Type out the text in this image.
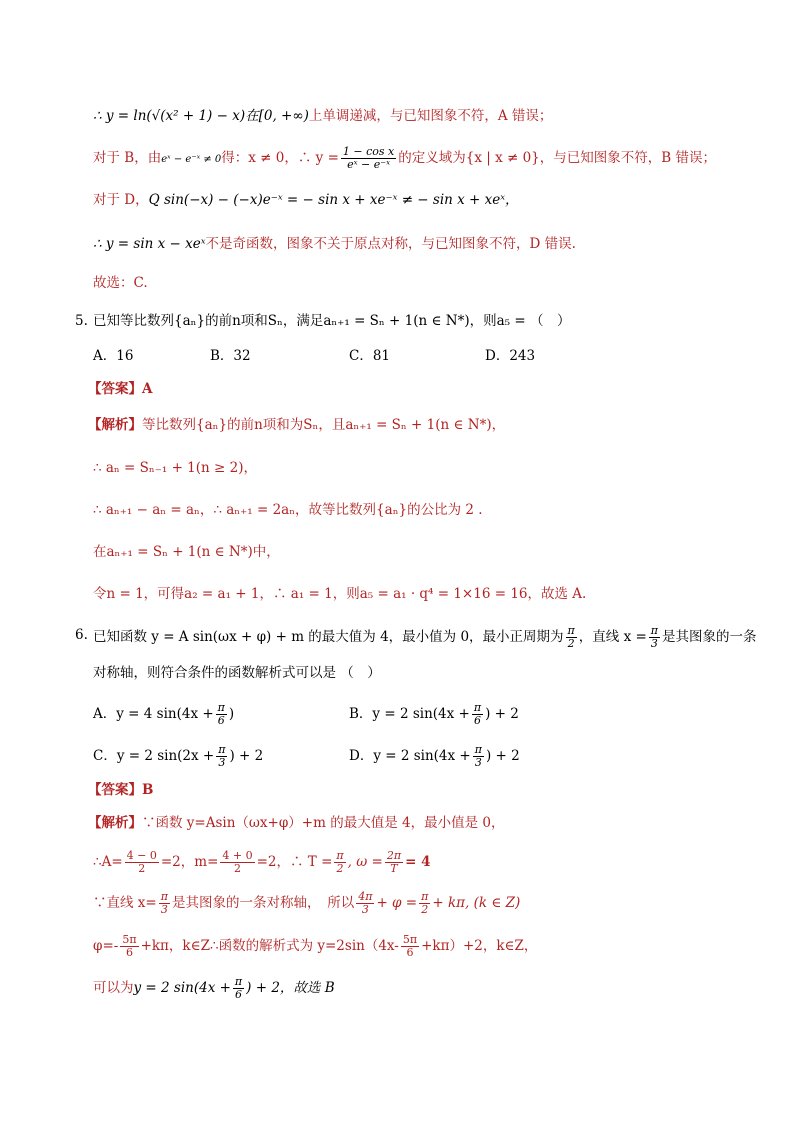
∴ y = ln(√(x² + 1) − x)在[0, +∞)上单调递减，与已知图象不符，A 错误；
对于 B，由eˣ − e⁻ˣ ≠ 0得：x ≠ 0，∴ $y = \frac{\text{1 − cos x}}{\text{eˣ − e⁻ˣ}}$ 的定义域为{x | x ≠ 0}，与已知图象不符，B 错误；
对于 D，Q sin(−x) − (−x)e⁻ˣ = − sin x + xe⁻ˣ ≠ − sin x + xeˣ，
∴ y = sin x − xeˣ不是奇函数，图象不关于原点对称，与已知图象不符，D 错误.
故选：C.
5. 已知等比数列{aₙ}的前n项和Sₙ，满足aₙ₊₁ = Sₙ + 1(n ∈ N*)，则a₅ = （　）
A．16	B．32	C．81	D．243
【答案】A
【解析】等比数列{aₙ}的前n项和为Sₙ，且aₙ₊₁ = Sₙ + 1(n ∈ N*)，
∴ aₙ = Sₙ₋₁ + 1(n ≥ 2)，
∴ aₙ₊₁ − aₙ = aₙ，∴ aₙ₊₁ = 2aₙ，故等比数列{aₙ}的公比为 2 .
在aₙ₊₁ = Sₙ + 1(n ∈ N*)中，
令n = 1，可得a₂ = a₁ + 1，∴ a₁ = 1，则a₅ = a₁ · q⁴ = 1×16 = 16，故选 A.
6. 已知函数 y = A sin(ωx + φ) + m 的最大值为 4，最小值为 0，最小正周期为 $\frac{\pi}{2}$ ，直线 $x = \frac{\pi}{3}$ 是其图象的一条
对称轴，则符合条件的函数解析式可以是 （　）
A．y = 4 $\sin(4x + \frac{\pi}{6}$ )	B．y = 2 $\sin(4x + \frac{\pi}{6}$ ) + 2
C．y = 2 $\sin(2x + \frac{\pi}{3}$ ) + 2	D．y = 2 $\sin(4x + \frac{\pi}{3}$ ) + 2
【答案】B
【解析】∵函数 y=Asin（ωx+φ）+m 的最大值是 4，最小值是 0，
∴A= $\frac{4 - 0}{2} =2$，$m= \frac{4 + 0}{2} =2$，∴ $T = \frac{\pi}{2}$ , $\omega = \frac{2\pi}{T} = 4$
∵直线 $x= \frac{\pi}{3}$ 是其图象的一条对称轴，　所以 $\frac{4\pi}{3} + \varphi = \frac{\pi}{2} + k\pi$, (k ∈ Z)
$\varphi=- \frac{5\pi}{6} +k\pi$，k∈Z∴函数的解析式为 $y=2\sin(4x- \frac{5\pi}{6} +k\pi)+2$，k∈Z，
可以为y = 2 $\sin(4x + \frac{\pi}{6}$ ) + 2，故选 B
